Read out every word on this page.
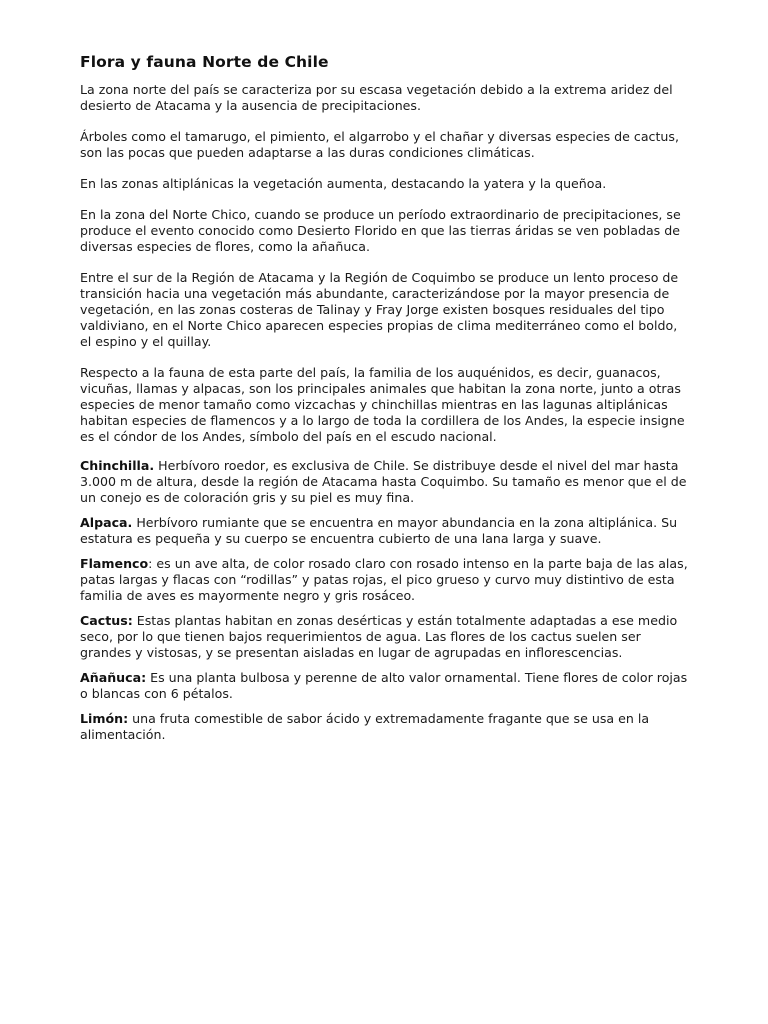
Flora y fauna Norte de Chile

La zona norte del país se caracteriza por su escasa vegetación debido a la extrema aridez del desierto de Atacama y la ausencia de precipitaciones.

Árboles como el tamarugo, el pimiento, el algarrobo y el chañar y diversas especies de cactus, son las pocas que pueden adaptarse a las duras condiciones climáticas.

En las zonas altiplánicas la vegetación aumenta, destacando la yatera y la queñoa.

En la zona del Norte Chico, cuando se produce un período extraordinario de precipitaciones, se produce el evento conocido como Desierto Florido en que las tierras áridas se ven pobladas de diversas especies de flores, como la añañuca.

Entre el sur de la Región de Atacama y la Región de Coquimbo se produce un lento proceso de transición hacia una vegetación más abundante, caracterizándose por la mayor presencia de vegetación, en las zonas costeras de Talinay y Fray Jorge existen bosques residuales del tipo valdiviano, en el Norte Chico aparecen especies propias de clima mediterráneo como el boldo, el espino y el quillay.

Respecto a la fauna de esta parte del país, la familia de los auquénidos, es decir, guanacos, vicuñas, llamas y alpacas, son los principales animales que habitan la zona norte, junto a otras especies de menor tamaño como vizcachas y chinchillas mientras en las lagunas altiplánicas habitan especies de flamencos y a lo largo de toda la cordillera de los Andes, la especie insigne es el cóndor de los Andes, símbolo del país en el escudo nacional.

Chinchilla. Herbívoro roedor, es exclusiva de Chile. Se distribuye desde el nivel del mar hasta 3.000 m de altura, desde la región de Atacama hasta Coquimbo. Su tamaño es menor que el de un conejo es de coloración gris y su piel es muy fina.

Alpaca. Herbívoro rumiante que se encuentra en mayor abundancia en la zona altiplánica. Su estatura es pequeña y su cuerpo se encuentra cubierto de una lana larga y suave.

Flamenco: es un ave alta, de color rosado claro con rosado intenso en la parte baja de las alas, patas largas y flacas con “rodillas” y patas rojas, el pico grueso y curvo muy distintivo de esta familia de aves es mayormente negro y gris rosáceo.

Cactus: Estas plantas habitan en zonas desérticas y están totalmente adaptadas a ese medio seco, por lo que tienen bajos requerimientos de agua. Las flores de los cactus suelen ser grandes y vistosas, y se presentan aisladas en lugar de agrupadas en inflorescencias.

Añañuca: Es una planta bulbosa y perenne de alto valor ornamental. Tiene flores de color rojas o blancas con 6 pétalos.

Limón: una fruta comestible de sabor ácido y extremadamente fragante que se usa en la alimentación.
